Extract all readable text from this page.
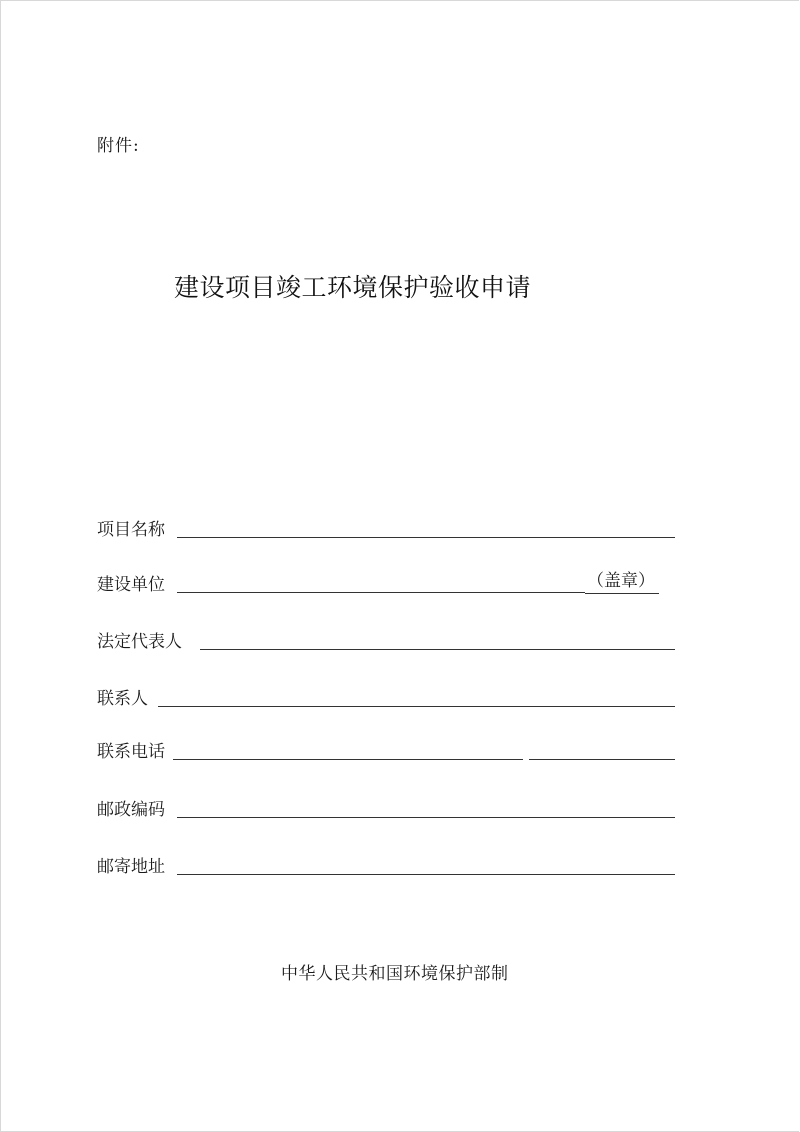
附件:
建设项目竣工环境保护验收申请
项目名称
建设单位	（盖章）
法定代表人
联系人
联系电话
邮政编码
邮寄地址
中华人民共和国环境保护部制
